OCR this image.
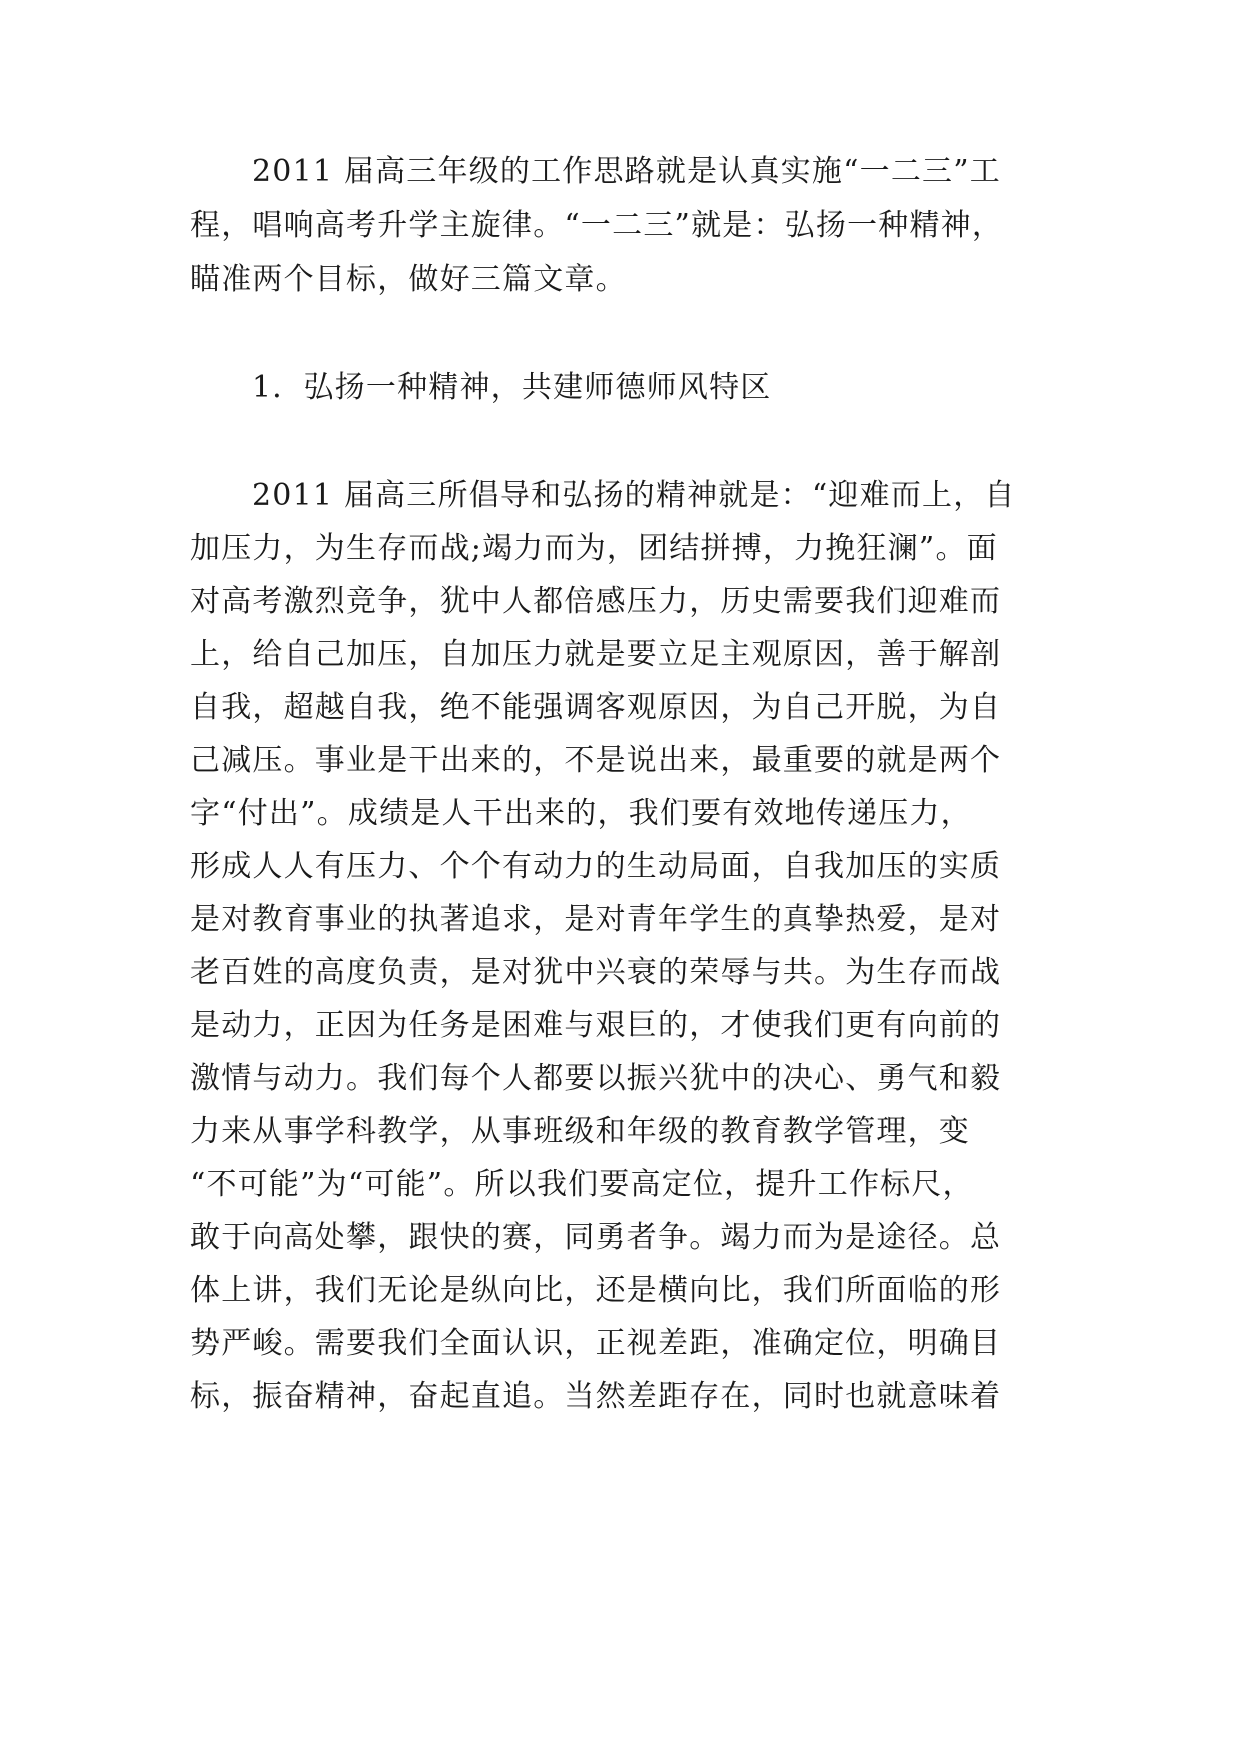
2011 届高三年级的工作思路就是认真实施“一二三”工
程，唱响高考升学主旋律。“一二三”就是：弘扬一种精神，
瞄准两个目标，做好三篇文章。
1．弘扬一种精神，共建师德师风特区
2011 届高三所倡导和弘扬的精神就是：“迎难而上，自
加压力，为生存而战;竭力而为，团结拼搏，力挽狂澜”。面
对高考激烈竞争，犹中人都倍感压力，历史需要我们迎难而
上，给自己加压，自加压力就是要立足主观原因，善于解剖
自我，超越自我，绝不能强调客观原因，为自己开脱，为自
己减压。事业是干出来的，不是说出来，最重要的就是两个
字“付出”。成绩是人干出来的，我们要有效地传递压力，
形成人人有压力、个个有动力的生动局面，自我加压的实质
是对教育事业的执著追求，是对青年学生的真挚热爱，是对
老百姓的高度负责，是对犹中兴衰的荣辱与共。为生存而战
是动力，正因为任务是困难与艰巨的，才使我们更有向前的
激情与动力。我们每个人都要以振兴犹中的决心、勇气和毅
力来从事学科教学，从事班级和年级的教育教学管理，变
“不可能”为“可能”。所以我们要高定位，提升工作标尺，
敢于向高处攀，跟快的赛，同勇者争。竭力而为是途径。总
体上讲，我们无论是纵向比，还是横向比，我们所面临的形
势严峻。需要我们全面认识，正视差距，准确定位，明确目
标，振奋精神，奋起直追。当然差距存在，同时也就意味着
